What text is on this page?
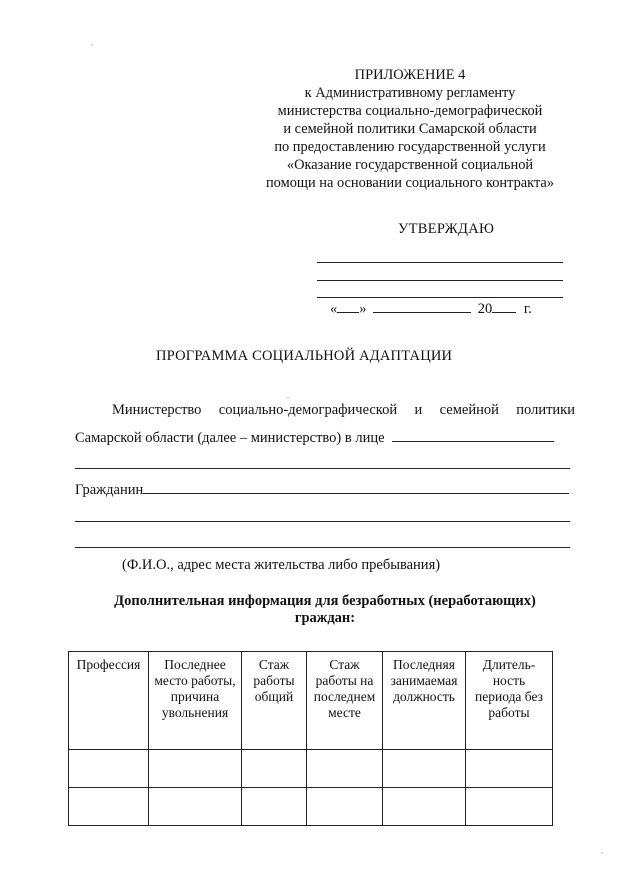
ПРИЛОЖЕНИЕ 4
к Административному регламенту
министерства социально-демографической
и семейной политики Самарской области
по предоставлению государственной услуги
«Оказание государственной социальной
помощи на основании социального контракта»
УТВЕРЖДАЮ
« »	20 г.
ПРОГРАММА СОЦИАЛЬНОЙ АДАПТАЦИИ
Министерство социально-демографической и семейной политики
Самарской области (далее – министерство) в лице
Гражданин
(Ф.И.О., адрес места жительства либо пребывания)
Дополнительная информация для безработных (неработающих)
граждан:
Профессия	Последнее место работы, причина увольнения	Стаж работы общий	Стаж работы на последнем месте	Последняя занимаемая должность	Длитель-ность периода без работы
